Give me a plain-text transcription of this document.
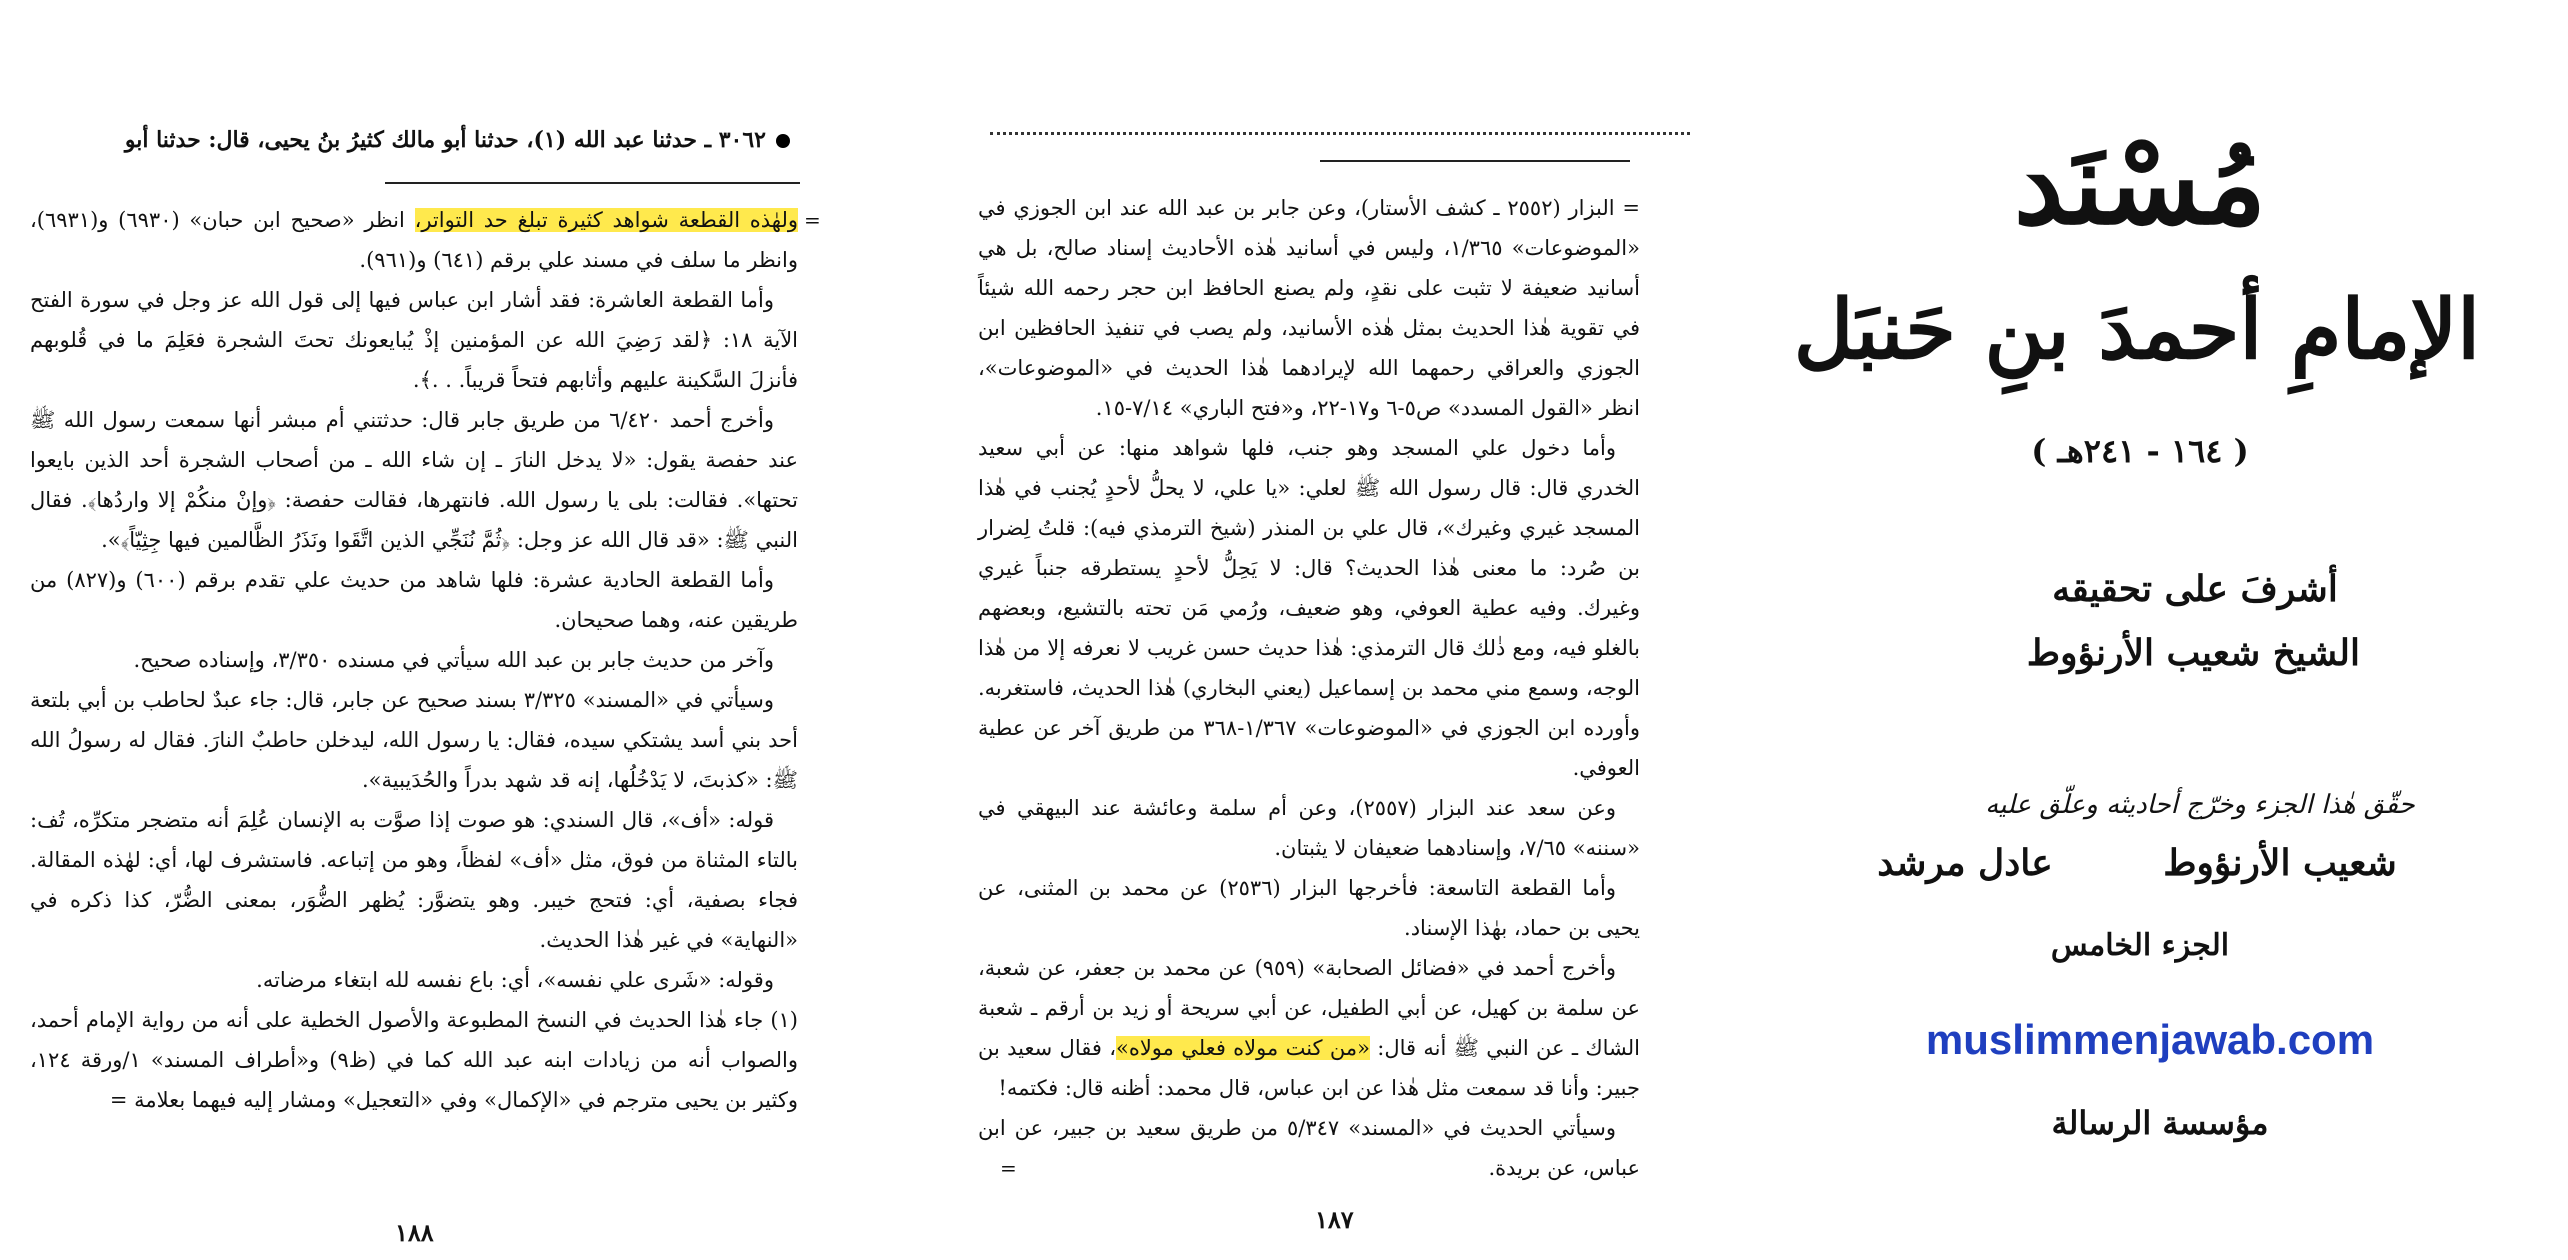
٣٠٦٢ ـ حدثنا عبد الله (١)، حدثنا أبو مالك كثيرُ بنُ يحيى، قال: حدثنا أبو
=

ولهٰذه القطعة شواهد كثيرة تبلغ حد التواتر، انظر «صحيح ابن حبان» (٦٩٣٠) و(٦٩٣١)، وانظر ما سلف في مسند علي برقم (٦٤١) و(٩٦١).

وأما القطعة العاشرة: فقد أشار ابن عباس فيها إلى قول الله عز وجل في سورة الفتح الآية ١٨: ﴿لقد رَضِيَ الله عن المؤمنين إذْ يُبايعونك تحتَ الشجرة فعَلِمَ ما في قُلوبهم فأنزلَ السَّكينة عليهم وأثابهم فتحاً قريباً. . .﴾.

وأخرج أحمد ٦/٤٢٠ من طريق جابر قال: حدثتني أم مبشر أنها سمعت رسول الله ﷺ عند حفصة يقول: «لا يدخل النارَ ـ إن شاء الله ـ من أصحاب الشجرة أحد الذين بايعوا تحتها». فقالت: بلى يا رسول الله. فانتهرها، فقالت حفصة: ﴿وإنْ منكُمْ إلا واردُها﴾. فقال النبي ﷺ: «قد قال الله عز وجل: ﴿ثُمَّ نُنَجِّي الذين اتَّقَوا ونَذَرُ الظَّالمين فيها جِثِيّاً﴾».

وأما القطعة الحادية عشرة: فلها شاهد من حديث علي تقدم برقم (٦٠٠) و(٨٢٧) من طريقين عنه، وهما صحيحان.

وآخر من حديث جابر بن عبد الله سيأتي في مسنده ٣/٣٥٠، وإسناده صحيح.

وسيأتي في «المسند» ٣/٣٢٥ بسند صحيح عن جابر، قال: جاء عبدٌ لحاطب بن أبي بلتعة أحد بني أسد يشتكي سيده، فقال: يا رسول الله، ليدخلن حاطبٌ النارَ. فقال له رسولُ الله ﷺ: «كذبتَ، لا يَدْخُلُها، إنه قد شهد بدراً والحُدَيبية».

قوله: «أف»، قال السندي: هو صوت إذا صوَّت به الإنسان عُلِمَ أنه متضجر متكرِّه، تُف: بالتاء المثناة من فوق، مثل «أف» لفظاً، وهو من إتباعه. فاستشرف لها، أي: لهٰذه المقالة. فجاء بصفية، أي: فتحج خيبر. وهو يتضوَّر: يُظهر الضُّوَر، بمعنى الضُّرّ، كذا ذكره في «النهاية» في غير هٰذا الحديث.

وقوله: «شَرى علي نفسه»، أي: باع نفسه لله ابتغاء مرضاته.

(١) جاء هٰذا الحديث في النسخ المطبوعة والأصول الخطية على أنه من رواية الإمام أحمد، والصواب أنه من زيادات ابنه عبد الله كما في (ظ٩) و«أطراف المسند» ١/ورقة ١٢٤، وكثير بن يحيى مترجم في «الإكمال» وفي «التعجيل» ومشار إليه فيهما بعلامة =

١٨٨

= البزار (٢٥٥٢ ـ كشف الأستار)، وعن جابر بن عبد الله عند ابن الجوزي في «الموضوعات» ١/٣٦٥، وليس في أسانيد هٰذه الأحاديث إسناد صالح، بل هي أسانيد ضعيفة لا تثبت على نقدٍ، ولم يصنع الحافظ ابن حجر رحمه الله شيئاً في تقوية هٰذا الحديث بمثل هٰذه الأسانيد، ولم يصب في تنفيذ الحافظين ابن الجوزي والعراقي رحمهما الله لإيرادهما هٰذا الحديث في «الموضوعات»، انظر «القول المسدد» ص٥-٦ و١٧-٢٢، و«فتح الباري» ٧/١٤-١٥.

وأما دخول علي المسجد وهو جنب، فلها شواهد منها: عن أبي سعيد الخدري قال: قال رسول الله ﷺ لعلي: «يا علي، لا يحلُّ لأحدٍ يُجنب في هٰذا المسجد غيري وغيرك»، قال علي بن المنذر (شيخ الترمذي فيه): قلتُ لِضرار بن صُرد: ما معنى هٰذا الحديث؟ قال: لا يَحِلُّ لأحدٍ يستطرقه جنباً غيري وغيرك. وفيه عطية العوفي، وهو ضعيف، ورُمي مَن تحته بالتشيع، وبعضهم بالغلو فيه، ومع ذٰلك قال الترمذي: هٰذا حديث حسن غريب لا نعرفه إلا من هٰذا الوجه، وسمع مني محمد بن إسماعيل (يعني البخاري) هٰذا الحديث، فاستغربه. وأورده ابن الجوزي في «الموضوعات» ١/٣٦٧-٣٦٨ من طريق آخر عن عطية العوفي.

وعن سعد عند البزار (٢٥٥٧)، وعن أم سلمة وعائشة عند البيهقي في «سننه» ٧/٦٥، وإسنادهما ضعيفان لا يثبتان.

وأما القطعة التاسعة: فأخرجها البزار (٢٥٣٦) عن محمد بن المثنى، عن يحيى بن حماد، بهٰذا الإسناد.

وأخرج أحمد في «فضائل الصحابة» (٩٥٩) عن محمد بن جعفر، عن شعبة، عن سلمة بن كهيل، عن أبي الطفيل، عن أبي سريحة أو زيد بن أرقم ـ شعبة الشاك ـ عن النبي ﷺ أنه قال: «من كنت مولاه فعلي مولاه»، فقال سعيد بن جبير: وأنا قد سمعت مثل هٰذا عن ابن عباس، قال محمد: أظنه قال: فكتمه!

وسيأتي الحديث في «المسند» ٥/٣٤٧ من طريق سعيد بن جبير، عن ابن عباس، عن بريدة.

=
١٨٧
مُسْنَد
الإمامِ أحمدَ بنِ حَنبَل
( ١٦٤ - ٢٤١هـ )
أشرفَ على تحقيقه
الشيخ شعيب الأرنؤوط
حقّق هٰذا الجزء وخرّج أحاديثه وعلّق عليه
شعيب الأرنؤوط
عادل مرشد
الجزء الخامس
muslimmenjawab.com
مؤسسة الرسالة
